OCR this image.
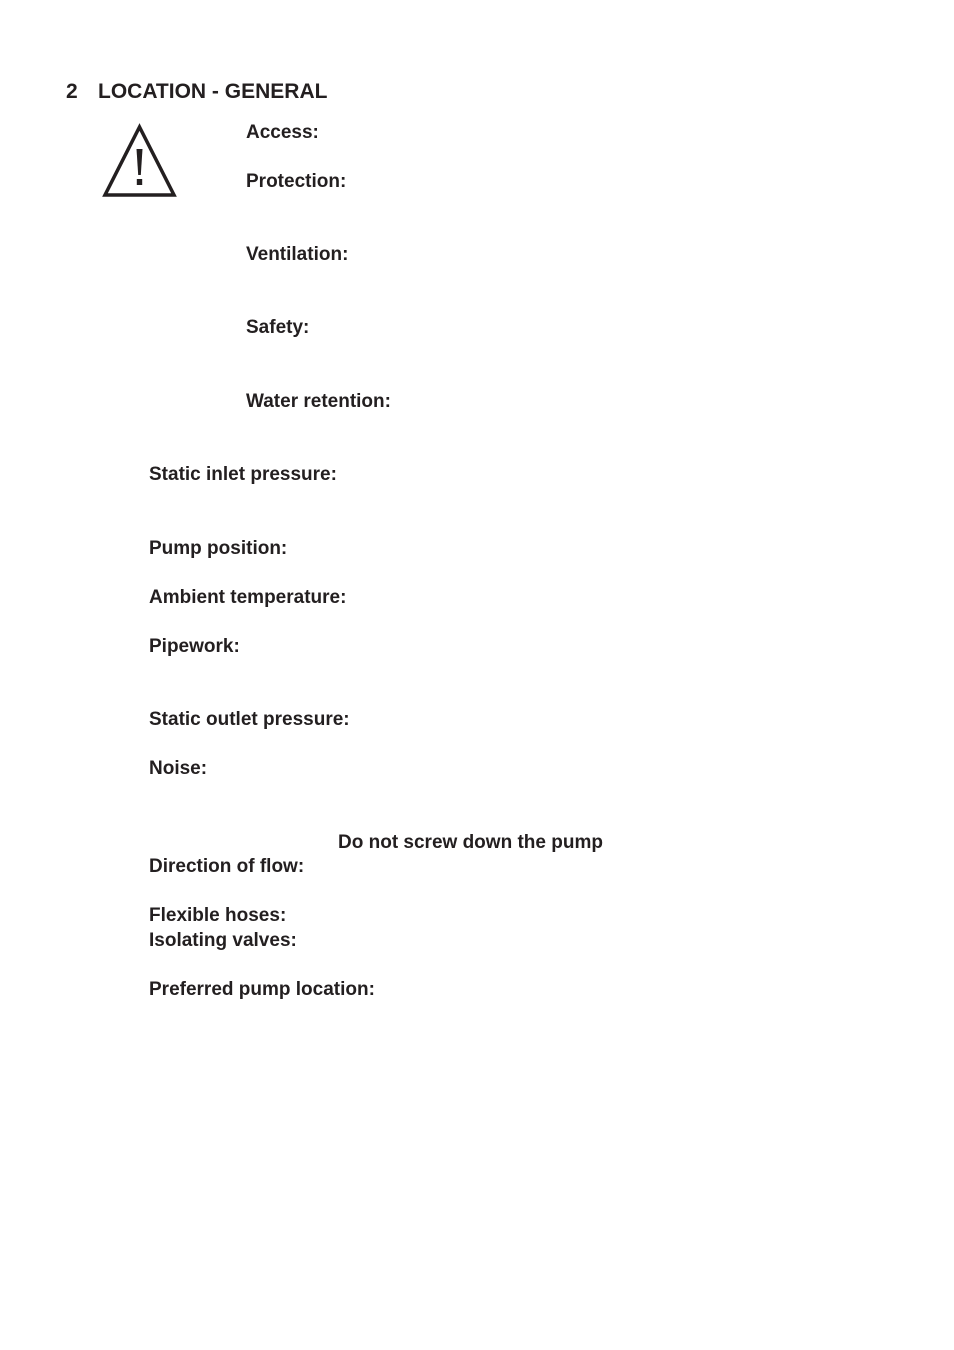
2 LOCATION - GENERAL
Access:
Protection:
Ventilation:
Safety:
Water retention:
Static inlet pressure:
Pump position:
Ambient temperature:
Pipework:
Static outlet pressure:
Noise:
Do not screw down the pump
Direction of flow:
Flexible hoses:
Isolating valves:
Preferred pump location:
